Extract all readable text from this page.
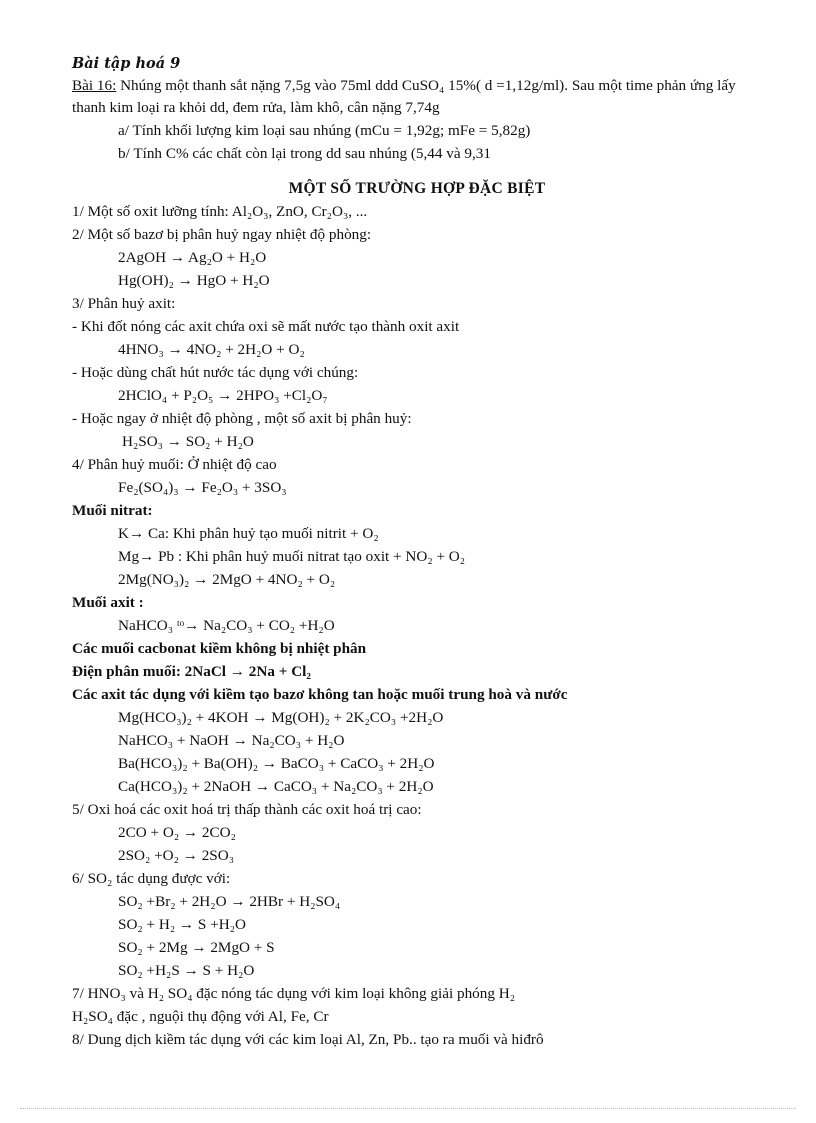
Bài tập hoá 9
Bài 16: Nhúng một thanh sắt nặng 7,5g vào 75ml ddd CuSO₄ 15%( d =1,12g/ml). Sau một time phản ứng lấy thanh kim loại ra khỏi dd, đem rửa, làm khô, cân nặng 7,74g
a/ Tính khối lượng kim loại sau nhúng (mCu = 1,92g; mFe = 5,82g)
b/ Tính C% các chất còn lại trong dd sau nhúng (5,44 và 9,31
MỘT SỐ TRƯỜNG HỢP ĐẶC BIỆT
1/ Một số oxit lưỡng tính: Al₂O₃, ZnO, Cr₂O₃, ...
2/ Một số bazơ bị phân huỷ ngay nhiệt độ phòng:
2AgOH → Ag₂O + H₂O
Hg(OH)₂ → HgO + H₂O
3/ Phân huỷ axit:
- Khi đốt nóng các axit chứa oxi sẽ mất nước tạo thành oxit axit
4HNO₃ → 4NO₂ + 2H₂O + O₂
- Hoặc dùng chất hút nước tác dụng với chúng:
2HClO₄ + P₂O₅ → 2HPO₃ +Cl₂O₇
- Hoặc ngay ở nhiệt độ phòng , một số axit bị phân huỷ:
H₂SO₃ → SO₂ + H₂O
4/ Phân huỷ muối: Ở nhiệt độ cao
Fe₂(SO₄)₃ → Fe₂O₃ + 3SO₃
Muối nitrat:
K→ Ca: Khi phân huỷ tạo muối nitrit + O₂
Mg→ Pb : Khi phân huỷ muối nitrat tạo oxit + NO₂ + O₂
2Mg(NO₃)₂ → 2MgO + 4NO₂ + O₂
Muối axit :
NaHCO₃ ᵗᵒ→ Na₂CO₃ + CO₂ +H₂O
Các muối cacbonat kiềm không bị nhiệt phân
Điện phân muối: 2NaCl → 2Na + Cl₂
Các axit tác dụng với kiềm tạo bazơ không tan hoặc muối trung hoà và nước
Mg(HCO₃)₂ + 4KOH → Mg(OH)₂ + 2K₂CO₃ +2H₂O
NaHCO₃ + NaOH → Na₂CO₃ + H₂O
Ba(HCO₃)₂ + Ba(OH)₂ → BaCO₃ + CaCO₃ + 2H₂O
Ca(HCO₃)₂ + 2NaOH → CaCO₃ + Na₂CO₃ + 2H₂O
5/ Oxi hoá các oxit hoá trị thấp thành các oxit hoá trị cao:
2CO + O₂ → 2CO₂
2SO₂ +O₂ → 2SO₃
6/ SO₂ tác dụng được với:
SO₂ +Br₂ + 2H₂O → 2HBr + H₂SO₄
SO₂ + H₂ → S +H₂O
SO₂ + 2Mg → 2MgO + S
SO₂ +H₂S → S + H₂O
7/ HNO₃ và H₂ SO₄ đặc nóng tác dụng với kim loại không giải phóng H₂
H₂SO₄ đặc , nguội thụ động với Al, Fe, Cr
8/ Dung dịch kiềm tác dụng với các kim loại Al, Zn, Pb.. tạo ra muối và hiđrô
